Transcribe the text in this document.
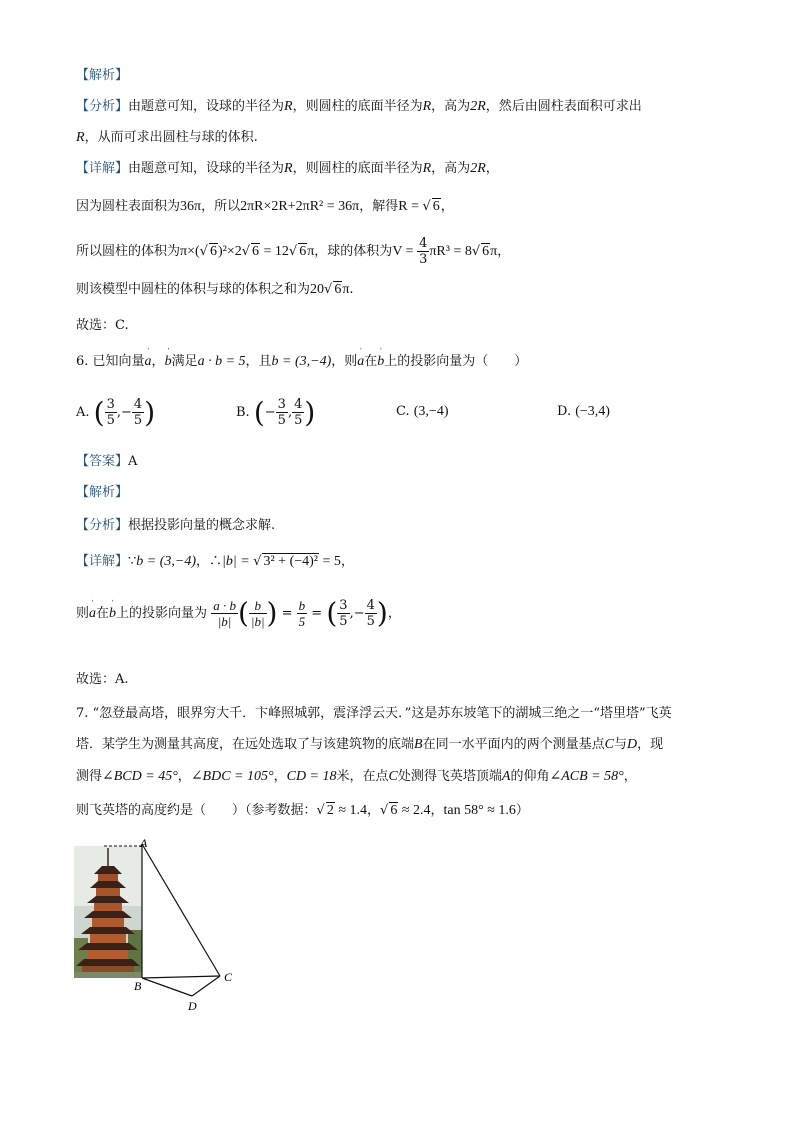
【解析】
【分析】由题意可知，设球的半径为R，则圆柱的底面半径为R，高为2R，然后由圆柱表面积可求出
R，从而可求出圆柱与球的体积.
【详解】由题意可知，设球的半径为R，则圆柱的底面半径为R，高为2R，
因为圆柱表面积为36π，所以2πR×2R+2πR² = 36π，解得R = √ 6，
所以圆柱的体积为π×(√ 6)²×2√ 6 = 12√ 6π，球的体积为$V = \frac{4}{3} \pi R^3 = 8√$ 6π，
则该模型中圆柱的体积与球的体积之和为20√ 6π.
故选：C.
6. 已知向量ˈ a，ˈ b满足a · b = 5，且b = (3,−4)，则ˈ a在ˈ b上的投影向量为（　　）
A. ( $\frac{3}{5}$ ,− $\frac{4}{5}$ )	B. (− $\frac{3}{5}$ , $\frac{4}{5}$ )	C. (3,−4)	D. (−3,4)
【答案】A
【解析】
【分析】根据投影向量的概念求解.
【详解】∵b = (3,−4)，∴|b| = √ 3² + (−4)² = 5，
则ˈ a在ˈ b上的投影向量为 $\frac{a \cdot b}{|b|}$ ( $\frac{b}{|b|}$ ) = $\frac{b}{5}$ = ( $\frac{3}{5}$ ,− $\frac{4}{5}$ )，
故选：A.
7. “忽登最高塔，眼界穷大千．卞峰照城郭，震泽浮云天．”这是苏东坡笔下的湖城三绝之一“塔里塔”飞英
塔．某学生为测量其高度，在远处选取了与该建筑物的底端B在同一水平面内的两个测量基点C与D，现
测得∠BCD = 45°，∠BDC = 105°，CD = 18米，在点C处测得飞英塔顶端A的仰角∠ACB = 58°，
则飞英塔的高度约是（　　）（参考数据：√ 2 ≈ 1.4，√ 6 ≈ 2.4，tan 58° ≈ 1.6）
A
B
C
D
